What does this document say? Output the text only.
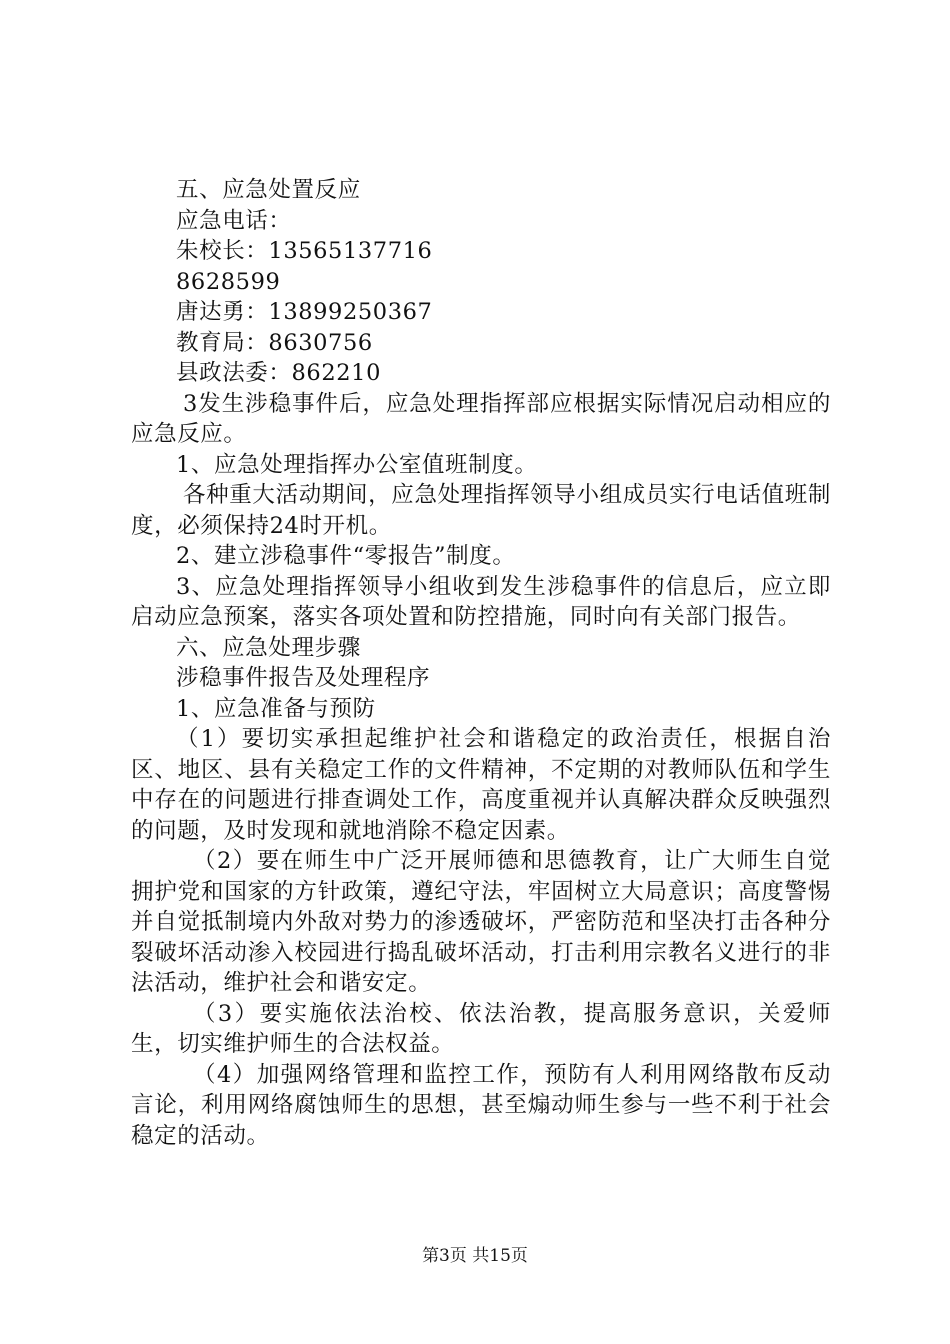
五、应急处置反应
应急电话：
朱校长：13565137716
8628599
唐达勇：13899250367
教育局：8630756
县政法委：862210

3发生涉稳事件后，应急处理指挥部应根据实际情况启动相应的应急反应。

1、应急处理指挥办公室值班制度。

各种重大活动期间，应急处理指挥领导小组成员实行电话值班制度，必须保持24时开机。

2、建立涉稳事件“零报告”制度。

3、应急处理指挥领导小组收到发生涉稳事件的信息后，应立即启动应急预案，落实各项处置和防控措施，同时向有关部门报告。

六、应急处理步骤

涉稳事件报告及处理程序

1、应急准备与预防

（1）要切实承担起维护社会和谐稳定的政治责任，根据自治区、地区、县有关稳定工作的文件精神，不定期的对教师队伍和学生中存在的问题进行排查调处工作，高度重视并认真解决群众反映强烈的问题，及时发现和就地消除不稳定因素。

（2）要在师生中广泛开展师德和思德教育，让广大师生自觉拥护党和国家的方针政策，遵纪守法，牢固树立大局意识；高度警惕并自觉抵制境内外敌对势力的渗透破坏，严密防范和坚决打击各种分裂破坏活动渗入校园进行捣乱破坏活动，打击利用宗教名义进行的非法活动，维护社会和谐安定。

（3）要实施依法治校、依法治教，提高服务意识，关爱师生，切实维护师生的合法权益。

（4）加强网络管理和监控工作，预防有人利用网络散布反动言论，利用网络腐蚀师生的思想，甚至煽动师生参与一些不利于社会稳定的活动。

第3页 共15页
